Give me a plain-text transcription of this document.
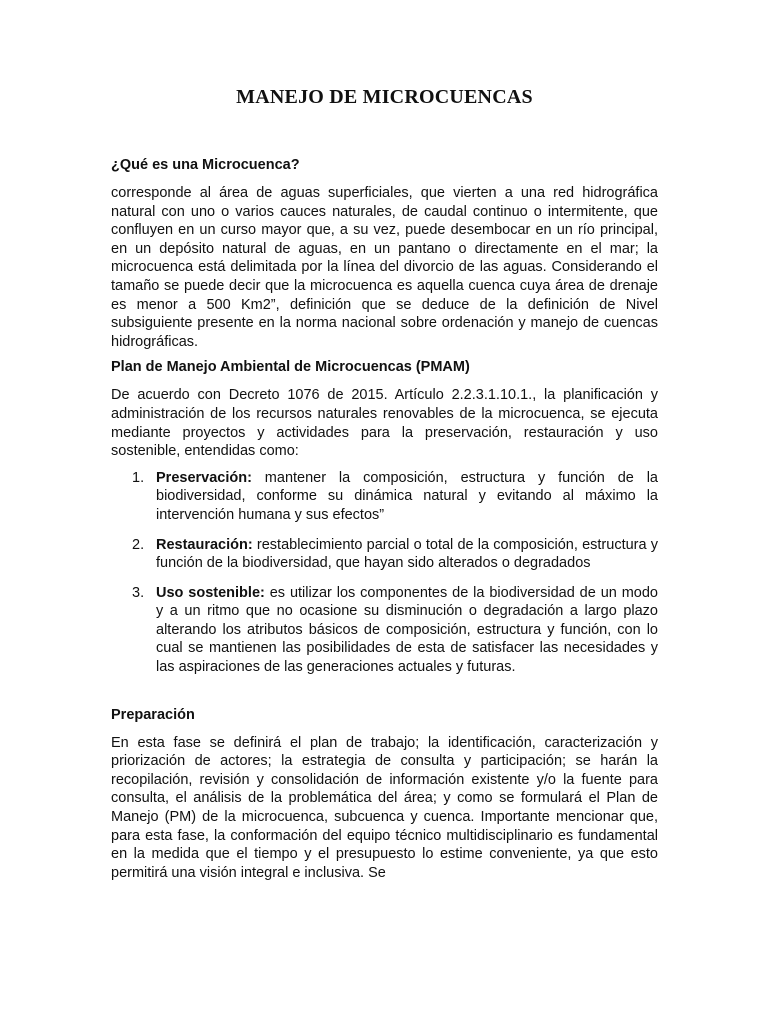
MANEJO DE MICROCUENCAS
¿Qué es una Microcuenca?

corresponde al área de aguas superficiales, que vierten a una red hidrográfica natural con uno o varios cauces naturales, de caudal continuo o intermitente, que confluyen en un curso mayor que, a su vez, puede desembocar en un río principal, en un depósito natural de aguas, en un pantano o directamente en el mar; la microcuenca está delimitada por la línea del divorcio de las aguas. Considerando el tamaño se puede decir que la microcuenca es aquella cuenca cuya área de drenaje es menor a 500 Km2”, definición que se deduce de la definición de Nivel subsiguiente presente en la norma nacional sobre ordenación y manejo de cuencas hidrográficas.

Plan de Manejo Ambiental de Microcuencas (PMAM)

De acuerdo con Decreto 1076 de 2015. Artículo 2.2.3.1.10.1., la planificación y administración de los recursos naturales renovables de la microcuenca, se ejecuta mediante proyectos y actividades para la preservación, restauración y uso sostenible, entendidas como:

1. Preservación: mantener la composición, estructura y función de la biodiversidad, conforme su dinámica natural y evitando al máximo la intervención humana y sus efectos”
2. Restauración: restablecimiento parcial o total de la composición, estructura y función de la biodiversidad, que hayan sido alterados o degradados
3. Uso sostenible: es utilizar los componentes de la biodiversidad de un modo y a un ritmo que no ocasione su disminución o degradación a largo plazo alterando los atributos básicos de composición, estructura y función, con lo cual se mantienen las posibilidades de esta de satisfacer las necesidades y las aspiraciones de las generaciones actuales y futuras.
Preparación

En esta fase se definirá el plan de trabajo; la identificación, caracterización y priorización de actores; la estrategia de consulta y participación; se harán la recopilación, revisión y consolidación de información existente y/o la fuente para consulta, el análisis de la problemática del área; y como se formulará el Plan de Manejo (PM) de la microcuenca, subcuenca y cuenca. Importante mencionar que, para esta fase, la conformación del equipo técnico multidisciplinario es fundamental en la medida que el tiempo y el presupuesto lo estime conveniente, ya que esto permitirá una visión integral e inclusiva. Se
